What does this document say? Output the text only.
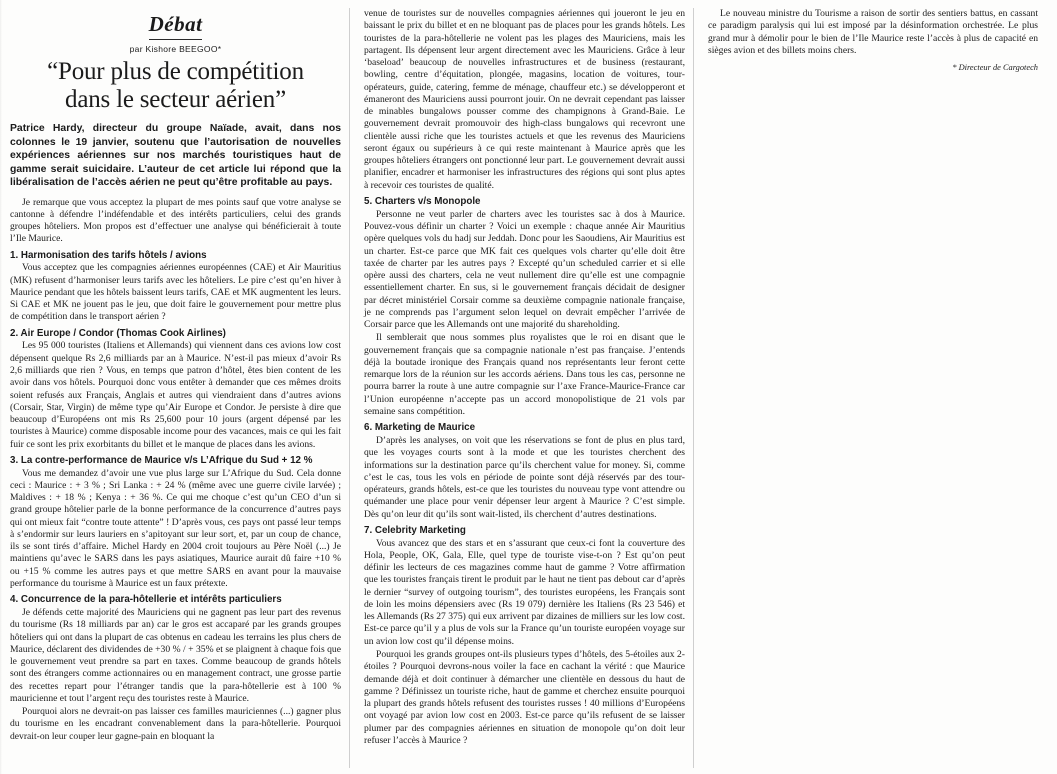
Débat
par Kishore BEEGOO*
“Pour plus de compétition
dans le secteur aérien”
Patrice Hardy, directeur du groupe Naïade, avait, dans nos colonnes le 19 janvier, soutenu que l’autorisation de nouvelles expériences aériennes sur nos marchés touristiques haut de gamme serait suicidaire. L’auteur de cet article lui répond que la libéralisation de l’accès aérien ne peut qu’être profitable au pays.

Je remarque que vous acceptez la plupart de mes points sauf que votre analyse se cantonne à défendre l’indéfendable et des intérêts particuliers, celui des grands groupes hôteliers. Mon propos est d’effectuer une analyse qui bénéficierait à toute l’Ile Maurice.

1. Harmonisation des tarifs hôtels / avions

Vous acceptez que les compagnies aériennes européennes (CAE) et Air Mauritius (MK) refusent d’harmoniser leurs tarifs avec les hôteliers. Le pire c’est qu’en hiver à Maurice pendant que les hôtels baissent leurs tarifs, CAE et MK augmentent les leurs. Si CAE et MK ne jouent pas le jeu, que doit faire le gouvernement pour mettre plus de compétition dans le transport aérien ?

2. Air Europe / Condor (Thomas Cook Airlines)

Les 95 000 touristes (Italiens et Allemands) qui viennent dans ces avions low cost dépensent quelque Rs 2,6 milliards par an à Maurice. N’est-il pas mieux d’avoir Rs 2,6 milliards que rien ? Vous, en temps que patron d’hôtel, êtes bien content de les avoir dans vos hôtels. Pourquoi donc vous entêter à demander que ces mêmes droits soient refusés aux Français, Anglais et autres qui viendraient dans d’autres avions (Corsair, Star, Virgin) de même type qu’Air Europe et Condor. Je persiste à dire que beaucoup d’Européens ont mis Rs 25,600 pour 10 jours (argent dépensé par les touristes à Maurice) comme disposable income pour des vacances, mais ce qui les fait fuir ce sont les prix exorbitants du billet et le manque de places dans les avions.

3. La contre-performance de Maurice v/s L’Afrique du Sud + 12 %

Vous me demandez d’avoir une vue plus large sur L’Afrique du Sud. Cela donne ceci : Maurice : + 3 % ; Sri Lanka : + 24 % (même avec une guerre civile larvée) ; Maldives : + 18 % ; Kenya : + 36 %. Ce qui me choque c’est qu’un CEO d’un si grand groupe hôtelier parle de la bonne performance de la concurrence d’autres pays qui ont mieux fait “contre toute attente” ! D’après vous, ces pays ont passé leur temps à s’endormir sur leurs lauriers en s’apitoyant sur leur sort, et, par un coup de chance, ils se sont tirés d’affaire. Michel Hardy en 2004 croit toujours au Père Noël (...) Je maintiens qu’avec le SARS dans les pays asiatiques, Maurice aurait dû faire +10 % ou +15 % comme les autres pays et que mettre SARS en avant pour la mauvaise performance du tourisme à Maurice est un faux prétexte.

4. Concurrence de la para-hôtellerie et intérêts particuliers

Je défends cette majorité des Mauriciens qui ne gagnent pas leur part des revenus du tourisme (Rs 18 milliards par an) car le gros est accaparé par les grands groupes hôteliers qui ont dans la plupart de cas obtenus en cadeau les terrains les plus chers de Maurice, déclarent des dividendes de +30 % / + 35% et se plaignent à chaque fois que le gouvernement veut prendre sa part en taxes. Comme beaucoup de grands hôtels sont des étrangers comme actionnaires ou en management contract, une grosse partie des recettes repart pour l’étranger tandis que la para-hôtellerie est à 100 % mauricienne et tout l’argent reçu des touristes reste à Maurice.

Pourquoi alors ne devrait-on pas laisser ces familles mauriciennes (...) gagner plus du tourisme en les encadrant convenablement dans la para-hôtellerie. Pourquoi devrait-on leur couper leur gagne-pain en bloquant la

venue de touristes sur de nouvelles compagnies aériennes qui joueront le jeu en baissant le prix du billet et en ne bloquant pas de places pour les grands hôtels. Les touristes de la para-hôtellerie ne volent pas les plages des Mauriciens, mais les partagent. Ils dépensent leur argent directement avec les Mauriciens. Grâce à leur ‘baseload’ beaucoup de nouvelles infrastructures et de business (restaurant, bowling, centre d’équitation, plongée, magasins, location de voitures, tour-opérateurs, guide, catering, femme de ménage, chauffeur etc.) se développeront et émaneront des Mauriciens aussi pourront jouir. On ne devrait cependant pas laisser de minables bungalows pousser comme des champignons à Grand-Baie. Le gouvernement devrait promouvoir des high-class bungalows qui recevront une clientèle aussi riche que les touristes actuels et que les revenus des Mauriciens seront égaux ou supérieurs à ce qui reste maintenant à Maurice après que les groupes hôteliers étrangers ont ponctionné leur part. Le gouvernement devrait aussi planifier, encadrer et harmoniser les infrastructures des régions qui sont plus aptes à recevoir ces touristes de qualité.

5. Charters v/s Monopole

Personne ne veut parler de charters avec les touristes sac à dos à Maurice. Pouvez-vous définir un charter ? Voici un exemple : chaque année Air Mauritius opère quelques vols du hadj sur Jeddah. Donc pour les Saoudiens, Air Mauritius est un charter. Est-ce parce que MK fait ces quelques vols charter qu’elle doit être taxée de charter par les autres pays ? Excepté qu’un scheduled carrier et si elle opère aussi des charters, cela ne veut nullement dire qu’elle est une compagnie essentiellement charter. En sus, si le gouvernement français décidait de designer par décret ministériel Corsair comme sa deuxième compagnie nationale française, je ne comprends pas l’argument selon lequel on devrait empêcher l’arrivée de Corsair parce que les Allemands ont une majorité du shareholding.

Il semblerait que nous sommes plus royalistes que le roi en disant que le gouvernement français que sa compagnie nationale n’est pas française. J’entends déjà la boutade ironique des Français quand nos représentants leur feront cette remarque lors de la réunion sur les accords aériens. Dans tous les cas, personne ne pourra barrer la route à une autre compagnie sur l’axe France-Maurice-France car l’Union européenne n’accepte pas un accord monopolistique de 21 vols par semaine sans compétition.

6. Marketing de Maurice

D’après les analyses, on voit que les réservations se font de plus en plus tard, que les voyages courts sont à la mode et que les touristes cherchent des informations sur la destination parce qu’ils cherchent value for money. Si, comme c’est le cas, tous les vols en période de pointe sont déjà réservés par des tour-opérateurs, grands hôtels, est-ce que les touristes du nouveau type vont attendre ou quémander une place pour venir dépenser leur argent à Maurice ? C’est simple. Dès qu’on leur dit qu’ils sont wait-listed, ils cherchent d’autres destinations.

7. Celebrity Marketing

Vous avancez que des stars et en s’assurant que ceux-ci font la couverture des Hola, People, OK, Gala, Elle, quel type de touriste vise-t-on ? Est qu’on peut définir les lecteurs de ces magazines comme haut de gamme ? Votre affirmation que les touristes français tirent le produit par le haut ne tient pas debout car d’après le dernier “survey of outgoing tourism”, des touristes européens, les Français sont de loin les moins dépensiers avec (Rs 19 079) dernière les Italiens (Rs 23 546) et les Allemands (Rs 27 375) qui eux arrivent par dizaines de milliers sur les low cost. Est-ce parce qu’il y a plus de vols sur la France qu’un touriste européen voyage sur un avion low cost qu’il dépense moins.

Pourquoi les grands groupes ont-ils plusieurs types d’hôtels, des 5-étoiles aux 2-étoiles ? Pourquoi devrons-nous voiler la face en cachant la vérité : que Maurice demande déjà et doit continuer à démarcher une clientèle en dessous du haut de gamme ? Définissez un touriste riche, haut de gamme et cherchez ensuite pourquoi la plupart des grands hôtels refusent des touristes russes ! 40 millions d’Européens ont voyagé par avion low cost en 2003. Est-ce parce qu’ils refusent de se laisser plumer par des compagnies aériennes en situation de monopole qu’on doit leur refuser l’accès à Maurice ?

Le nouveau ministre du Tourisme a raison de sortir des sentiers battus, en cassant ce paradigm paralysis qui lui est imposé par la désinformation orchestrée. Le plus grand mur à démolir pour le bien de l’Ile Maurice reste l’accès à plus de capacité en sièges avion et des billets moins chers.

* Directeur de Cargotech
